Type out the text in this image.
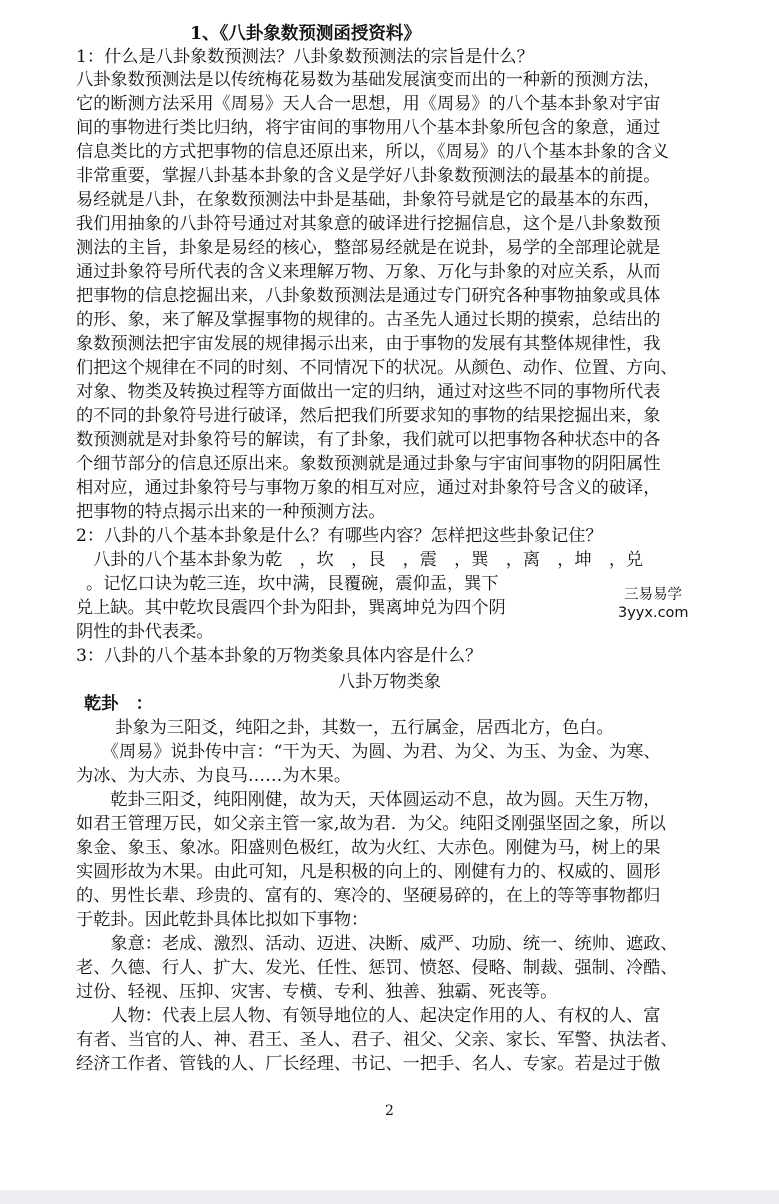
1、《八卦象数预测函授资料》
1：什么是八卦象数预测法？八卦象数预测法的宗旨是什么？
八卦象数预测法是以传统梅花易数为基础发展演变而出的一种新的预测方法，
它的断测方法采用《周易》天人合一思想，用《周易》的八个基本卦象对宇宙
间的事物进行类比归纳，将宇宙间的事物用八个基本卦象所包含的象意，通过
信息类比的方式把事物的信息还原出来，所以，《周易》的八个基本卦象的含义
非常重要，掌握八卦基本卦象的含义是学好八卦象数预测法的最基本的前提。
易经就是八卦，在象数预测法中卦是基础，卦象符号就是它的最基本的东西，
我们用抽象的八卦符号通过对其象意的破译进行挖掘信息，这个是八卦象数预
测法的主旨，卦象是易经的核心，整部易经就是在说卦，易学的全部理论就是
通过卦象符号所代表的含义来理解万物、万象、万化与卦象的对应关系，从而
把事物的信息挖掘出来，八卦象数预测法是通过专门研究各种事物抽象或具体
的形、象，来了解及掌握事物的规律的。古圣先人通过长期的摸索，总结出的
象数预测法把宇宙发展的规律揭示出来，由于事物的发展有其整体规律性，我
们把这个规律在不同的时刻、不同情况下的状况。从颜色、动作、位置、方向、
对象、物类及转换过程等方面做出一定的归纳，通过对这些不同的事物所代表
的不同的卦象符号进行破译，然后把我们所要求知的事物的结果挖掘出来，象
数预测就是对卦象符号的解读，有了卦象，我们就可以把事物各种状态中的各
个细节部分的信息还原出来。象数预测就是通过卦象与宇宙间事物的阴阳属性
相对应，通过卦象符号与事物万象的相互对应，通过对卦象符号含义的破译，
把事物的特点揭示出来的一种预测方法。
2：八卦的八个基本卦象是什么？有哪些内容？怎样把这些卦象记住？
　八卦的八个基本卦象为乾　，坎　，艮　，震　，巽　，离　，坤　，兑
。记忆口诀为乾三连，坎中满，艮覆碗，震仰盂，巽下
兑上缺。其中乾坎艮震四个卦为阳卦，巽离坤兑为四个阴
阴性的卦代表柔。
3：八卦的八个基本卦象的万物类象具体内容是什么？
三易易学
3yyx.com
八卦万物类象
乾卦　：
　卦象为三阳爻，纯阳之卦，其数一，五行属金，居西北方，色白。
　　《周易》说卦传中言：“干为天、为圆、为君、为父、为玉、为金、为寒、
为冰、为大赤、为良马……为木果。
　　乾卦三阳爻，纯阳刚健，故为天，天体圆运动不息，故为圆。天生万物，
如君王管理万民，如父亲主管一家,故为君．为父。纯阳爻刚强坚固之象，所以
象金、象玉、象冰。阳盛则色极红，故为火红、大赤色。刚健为马，树上的果
实圆形故为木果。由此可知，凡是积极的向上的、刚健有力的、权威的、圆形
的、男性长辈、珍贵的、富有的、寒冷的、坚硬易碎的，在上的等等事物都归
于乾卦。因此乾卦具体比拟如下事物：
　　象意：老成、激烈、活动、迈进、决断、威严、功励、统一、统帅、遮政、
老、久德、行人、扩大、发光、任性、惩罚、愤怒、侵略、制裁、强制、冷酷、
过份、轻视、压抑、灾害、专横、专利、独善、独霸、死丧等。
　　人物：代表上层人物、有领导地位的人、起决定作用的人、有权的人、富
有者、当官的人、神、君王、圣人、君子、祖父、父亲、家长、军警、执法者、
经济工作者、管钱的人、厂长经理、书记、一把手、名人、专家。若是过于傲
2
